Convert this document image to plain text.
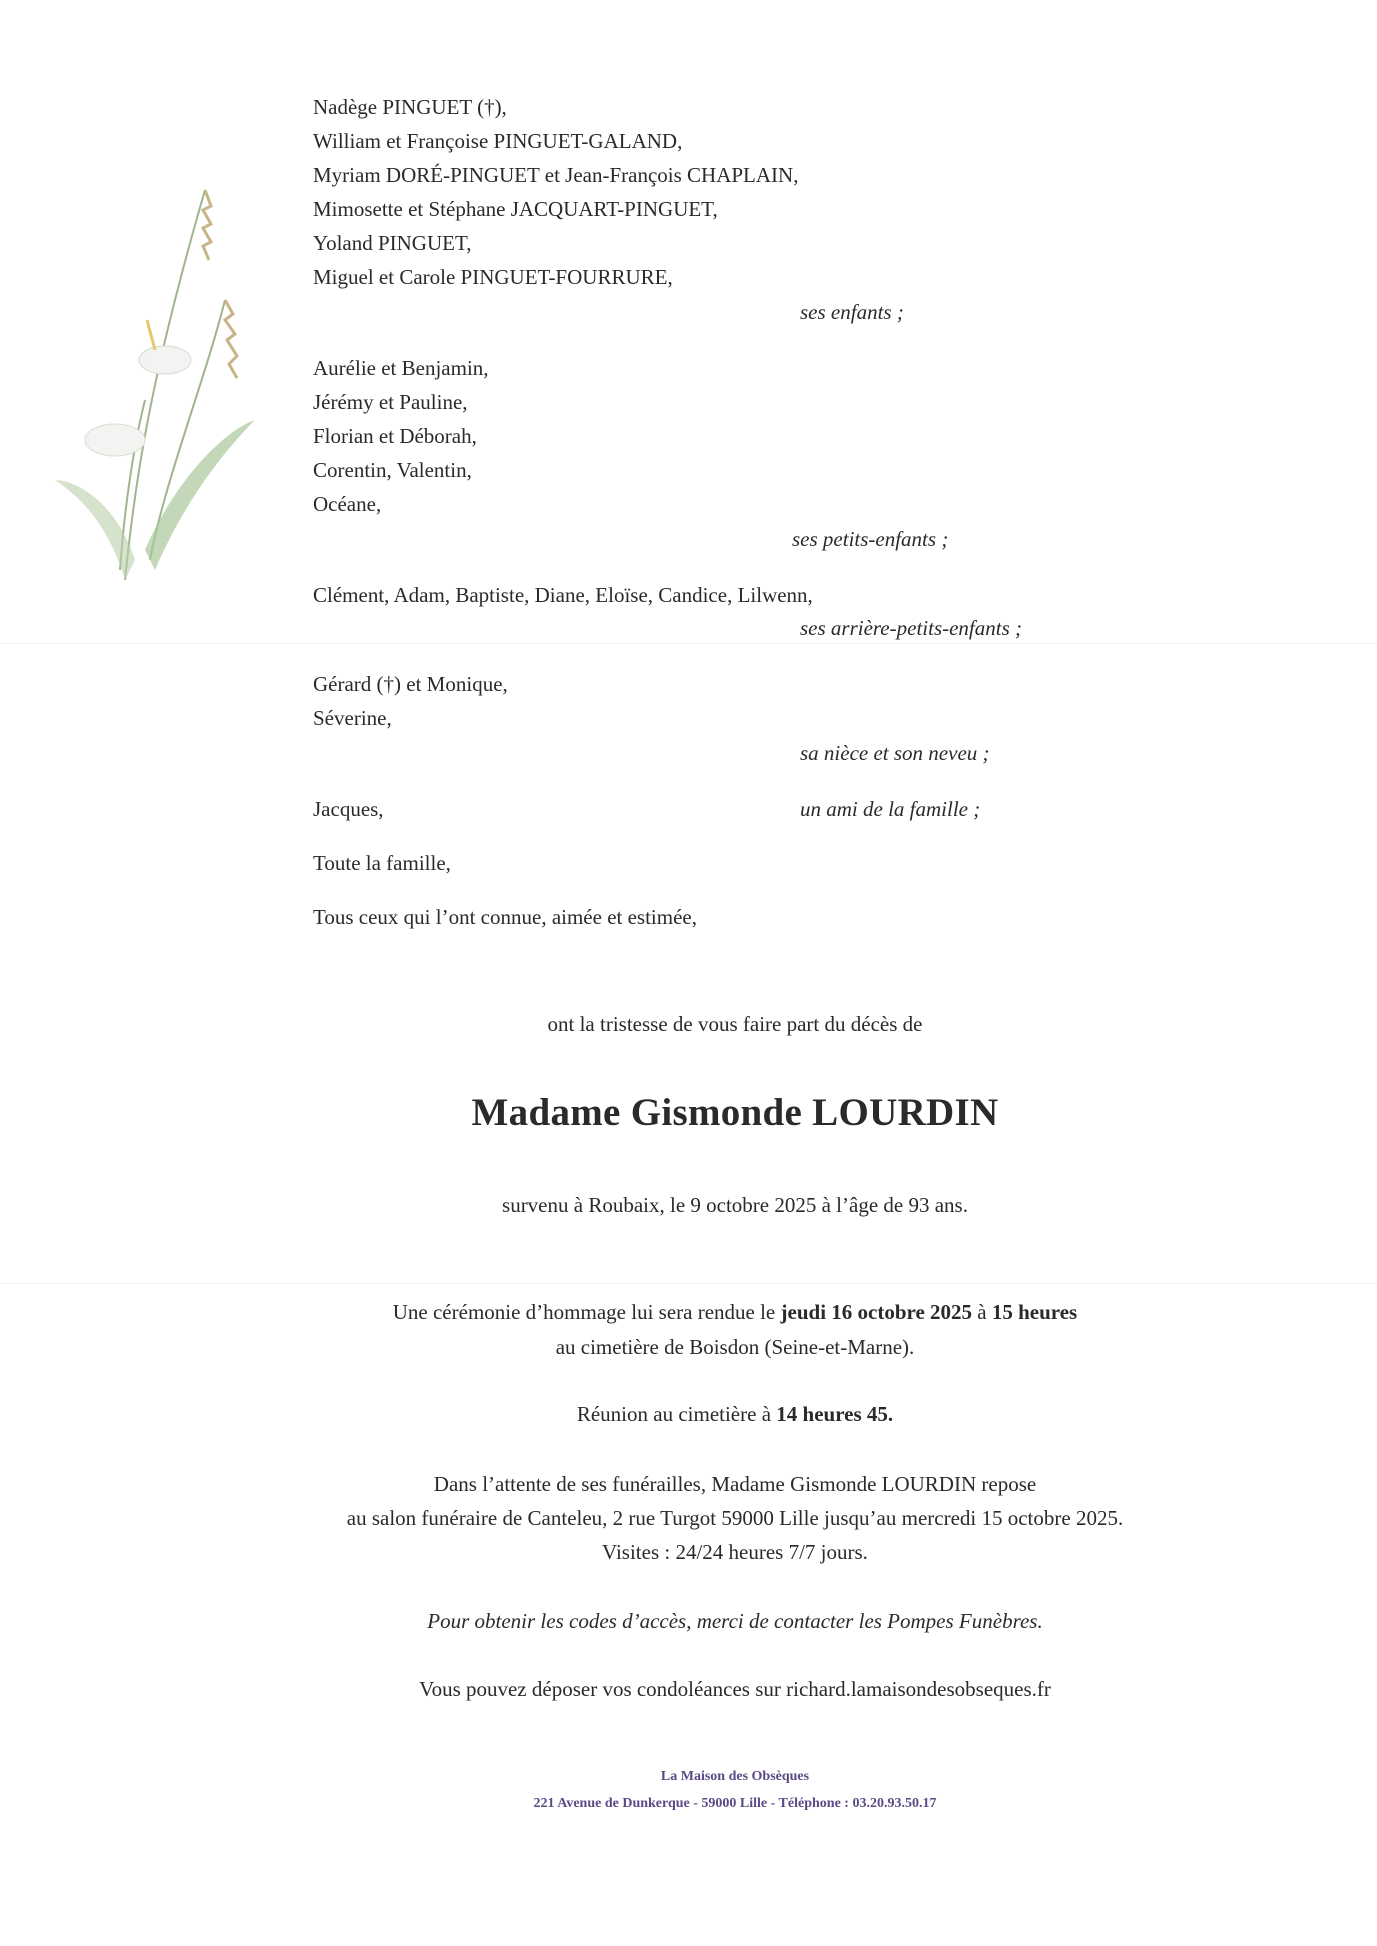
Nadège PINGUET (†),
William et Françoise PINGUET-GALAND,
Myriam DORÉ-PINGUET et Jean-François CHAPLAIN,
Mimosette et Stéphane JACQUART-PINGUET,
Yoland PINGUET,
Miguel et Carole PINGUET-FOURRURE,
ses enfants ;
Aurélie et Benjamin,
Jérémy et Pauline,
Florian et Déborah,
Corentin, Valentin,
Océane,
ses petits-enfants ;
Clément, Adam, Baptiste, Diane, Eloïse, Candice, Lilwenn,
ses arrière-petits-enfants ;
Gérard (†) et Monique,
Séverine,
sa nièce et son neveu ;
Jacques,	un ami de la famille ;
Toute la famille,
Tous ceux qui l’ont connue, aimée et estimée,
ont la tristesse de vous faire part du décès de
Madame Gismonde LOURDIN
survenu à Roubaix, le 9 octobre 2025 à l’âge de 93 ans.
Une cérémonie d’hommage lui sera rendue le jeudi 16 octobre 2025 à 15 heures
au cimetière de Boisdon (Seine-et-Marne).
Réunion au cimetière à 14 heures 45.
Dans l’attente de ses funérailles, Madame Gismonde LOURDIN repose
au salon funéraire de Canteleu, 2 rue Turgot 59000 Lille jusqu’au mercredi 15 octobre 2025.
Visites : 24/24 heures 7/7 jours.
Pour obtenir les codes d’accès, merci de contacter les Pompes Funèbres.
Vous pouvez déposer vos condoléances sur richard.lamaisondesobseques.fr
La Maison des Obsèques
221 Avenue de Dunkerque - 59000 Lille - Téléphone : 03.20.93.50.17
